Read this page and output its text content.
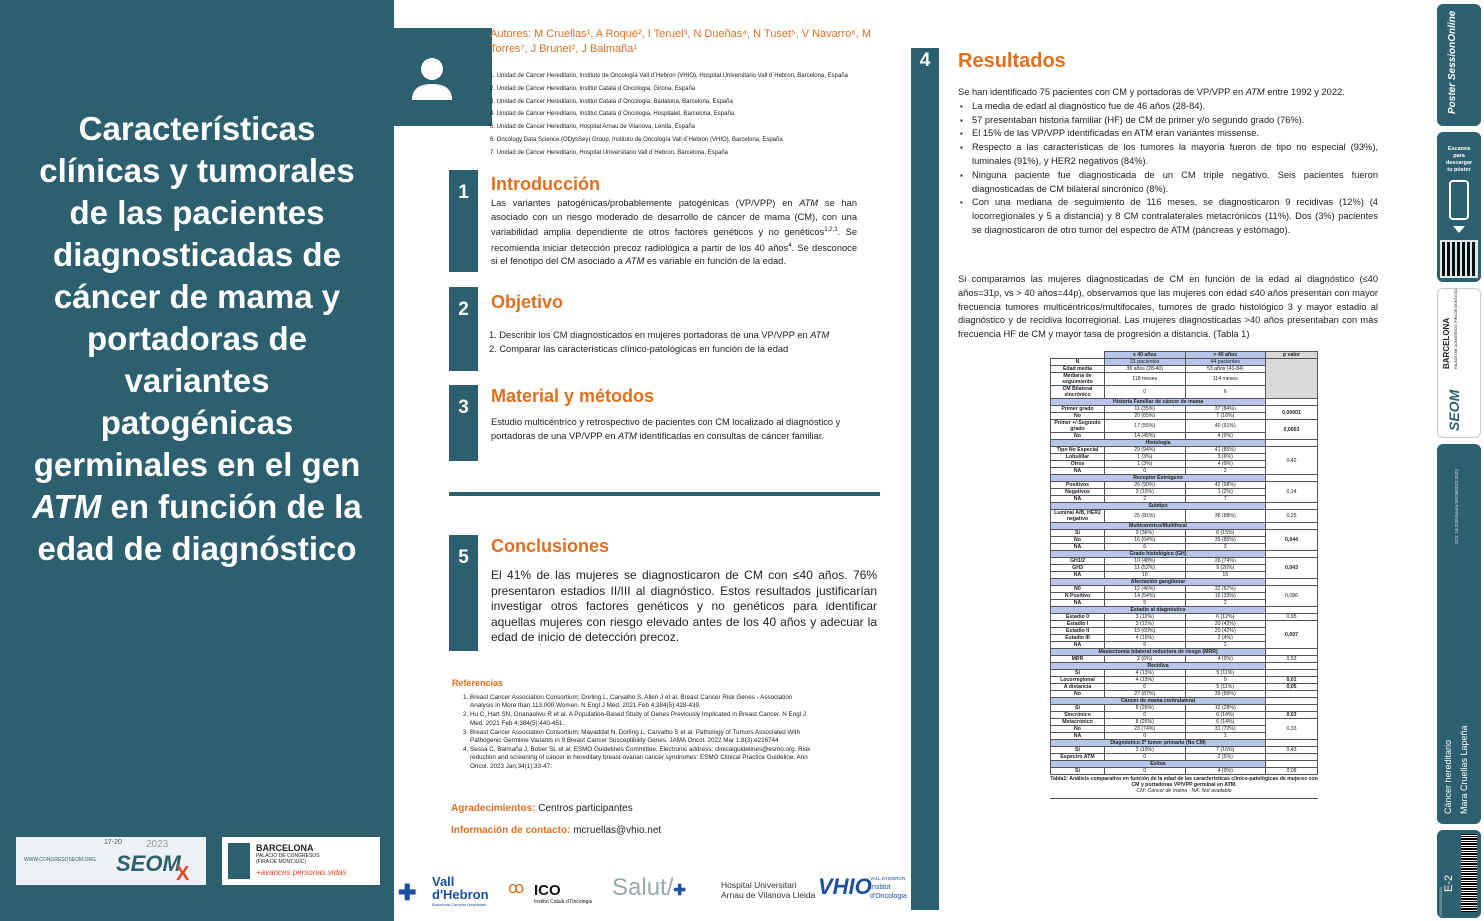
Características clínicas y tumorales de las pacientes diagnosticadas de cáncer de mama y portadoras de variantes patogénicas germinales en el gen ATM en función de la edad de diagnóstico
WWW.CONGRESOSEOM.ORG
17-20 2023
SEOM
X
BARCELONA
PALACIO DE CONGRESOS
(FIRA DE MONTJUÏC)
+avances personas vidas
Autores: M Cruellas¹, A Roqué², I Teruel³, N Dueñas⁴, N Tuset⁵, V Navarro⁶, M Torres⁷, J Brunet², J Balmaña¹
1. Unidad de Cáncer Hereditario, Instituto de Oncología Vall d´Hebron (VHIO), Hospital Universitario Vall d´Hebron, Barcelona, España
2. Unidad de Cáncer Hereditario, Institut Català d´Oncologia, Girona, España
3. Unidad de Cáncer Hereditario, Institut Català d´Oncologia, Badalona, Barcelona, España
4. Unidad de Cáncer Hereditario, Institut Català d´Oncologia, Hospitalet, Barcelona, España
5. Unidad de Cáncer Hereditario, Hospital Arnau de Vilanova, Lérida, España
6. Oncology Data Science (ODysSey) Group, Instituto de Oncología Vall d´Hebron (VHIO), Barcelona, España
7. Unidad de Cáncer Hereditario, Hospital Universitario Vall d´Hebron, Barcelona, España
1	Introducción
Las variantes patogénicas/probablemente patogénicas (VP/VPP) en ATM se han asociado con un riesgo moderado de desarrollo de cáncer de mama (CM), con una variabilidad amplia dependiente de otros factores genéticos y no genéticos$^{1,2,3}$. Se recomienda iniciar detección precoz radiológica a partir de los 40 años$^4$. Se desconoce si el fenotipo del CM asociado a ATM es variable en función de la edad.
2	Objetivo
1. Describir los CM diagnosticados en mujeres portadoras de una VP/VPP en ATM
2. Comparar las características clínico-patológicas en función de la edad
3
Material y métodos
Estudio multicéntrico y retrospectivo de pacientes con CM localizado al diagnóstico y portadoras de una VP/VPP en ATM identificadas en consultas de cáncer familiar.
5
Conclusiones
El 41% de las mujeres se diagnosticaron de CM con ≤40 años. 76% presentaron estadios II/III al diagnóstico. Estos resultados justificarían investigar otros factores genéticos y no genéticos para identificar aquellas mujeres con riesgo elevado antes de los 40 años y adecuar la edad de inicio de detección precoz.
Referencias
1. Breast Cancer Association Consortium; Dorling L, Carvalho S, Allen J et al. Breast Cancer Risk Genes - Association Analysis in More than 113,000 Women. N Engl J Med. 2021 Feb 4;384(5):428-439.
2. Hu C, Hart SN, Gnanaolivu R et al. A Population-Based Study of Genes Previously Implicated in Breast Cancer. N Engl J Med. 2021 Feb 4;384(5):440-451.
3. Breast Cancer Association Consortium; Mavaddat N, Dorling L, Carvalho S et al. Pathology of Tumors Associated With Pathogenic Germline Variants in 9 Breast Cancer Susceptibility Genes. JAMA Oncol. 2022 Mar 1;8(3):e216744
4. Sessa C, Balmaña J, Bober SL et al; ESMO Guidelines Committee. Electronic address: clinicalguidelines@esmo.org. Risk reduction and screening of cancer in hereditary breast-ovarian cancer syndromes: ESMO Clinical Practice Guideline. Ann Oncol. 2023 Jan;34(1):33-47.
Agradecimientos: Centros participantes
Información de contacto: mcruellas@vhio.net
✚ Vall
d'Hebron
Barcelona Campus Hospitalari
ꝏ ICO
Institut Català d'Oncologia
Salut/✚	Hospital Universitari
Arnau de Vilanova Lleida VHIO
VALL D'HEBRON
Institut
d'Oncologia
4	Resultados
Se han identificado 75 pacientes con CM y portadoras de VP/VPP en ATM entre 1992 y 2022.
▪ La media de edad al diagnóstico fue de 46 años (28-84).
▪ 57 presentaban historia familiar (HF) de CM de primer y/o segundo grado (76%).
▪ El 15% de las VP/VPP identificadas en ATM eran variantes missense.
▪ Respecto a las características de los tumores la mayoría fueron de tipo no especial (93%), luminales (91%), y HER2 negativos (84%).
▪ Ninguna paciente fue diagnosticada de un CM triple negativo. Seis pacientes fueron diagnosticadas de CM bilateral sincrónico (8%).
▪ Con una mediana de seguimiento de 116 meses, se diagnosticaron 9 recidivas (12%) (4 locorregionales y 5 a distancia) y 8 CM contralaterales metacrónicos (11%). Dos (3%) pacientes se diagnosticaron de otro tumor del espectro de ATM (páncreas y estómago).
Si comparamos las mujeres diagnosticadas de CM en función de la edad al diagnóstico (≤40 años=31p, vs > 40 años=44p), observamos que las mujeres con edad ≤40 años presentan con mayor frecuencia tumores multicéntricos/multifocales, tumores de grado histológico 3 y mayor estadio al diagnóstico y de recidiva locorregional. Las mujeres diagnosticadas >40 años presentaban con más frecuencia HF de CM y mayor tasa de progresión a distancia. (Tabla 1)
	≤ 40 años	> 40 años	p valor
N	31 pacientes	44 pacientes	
Edad media	36 años (28-40)	53 años (41-84)	
Mediana de seguimiento	118 meses	114 meses	
CM Bilateral sincrónico	0	6	
Historia Familiar de cáncer de mama			
Primer grado	11 (35%)	37 (84%)	0,00001
No	20 (65%)	7 (16%)	
Primer +/-Segundo grado	17 (55%)	40 (91%)	0,0003
No	14 (45%)	4 (9%)	
Histología			
Tipo No Especial	29 (94%)	41 (85%)	0,42
Lobulillar	1 (3%)	3 (6%)	
Otros	1 (3%)	4 (9%)	
NA	0	2	
Receptor Estrógeno			
Positivos	26 (90%)	42 (98%)	0,14
Negativos	3 (10%)	1 (2%)	
NA	2	7	
Subtipo			
Luminal A/B, HER2 negativo	25 (81%)	38 (88%)	0,25
Multicéntrico/Multifocal			
Sí	9 (36%)	6 (15%)	0,044
No	16 (64%)	35 (85%)	
NA	6	3	
Grado histológico (GH)			
GH1/2	10 (48%)	26 (74%)	0,043
GH3	11 (52%)	9 (26%)	
NA	10	15	
Afectación ganglionar			
N0	12 (46%)	32 (67%)	0,086
N Positivo	14 (54%)	16 (33%)	
NA	5	2	
Estadio al diagnóstico			
Estadio 0	3 (12%)	6 (12%)	0,95
Estadio I	3 (12%)	20 (42%)	0,007
Estadio II	15 (60%)	20 (42%)	
Estadio III	4 (16%)	2 (4%)	
NA	6	2	
Mastectomía bilateral reductora de riesgo (MRR)			
MRR	2 (6%)	4 (9%)	0,53
Recidiva			
Sí	4 (13%)	5 (11%)	
Locorregional	4 (13%)	0	0,01
A distancia	0	5 (11%)	0,05
No	27 (87%)	39 (89%)	
Cáncer de mama contralateral			
Sí	8 (26%)	12 (28%)	
Sincrónico	0	6 (14%)	0,03
Metacrónico	8 (26%)	6 (14%)	0,33
No	23 (74%)	31 (72%)	
NA	0	1	
Diagnóstico 2º tumor primario (No CM)			
Sí	3 (10%)	7 (16%)	0,43
Espectro ATM	0	2 (5%)	
Exitus			
Sí	0	4 (9%)	0,08
Tabla1: Análisis comparativo en función de la edad de las características clínico-patológicas de mujeres con CM y portadoras VP/VPP germinal en ATM.
CM: Cáncer de mama ; NA: Not available
Poster SessionOnline
Escanea
para
descargar
tu póster
BARCELONA PALACIO DE CONGRESOS (FIRA DE MONTJUÏC)
SEOM
DOI: 10.3265/seom.SEOM2023.2023
Cáncer hereditario Mara Cruellas Lapeña
E-2
1000000000000
